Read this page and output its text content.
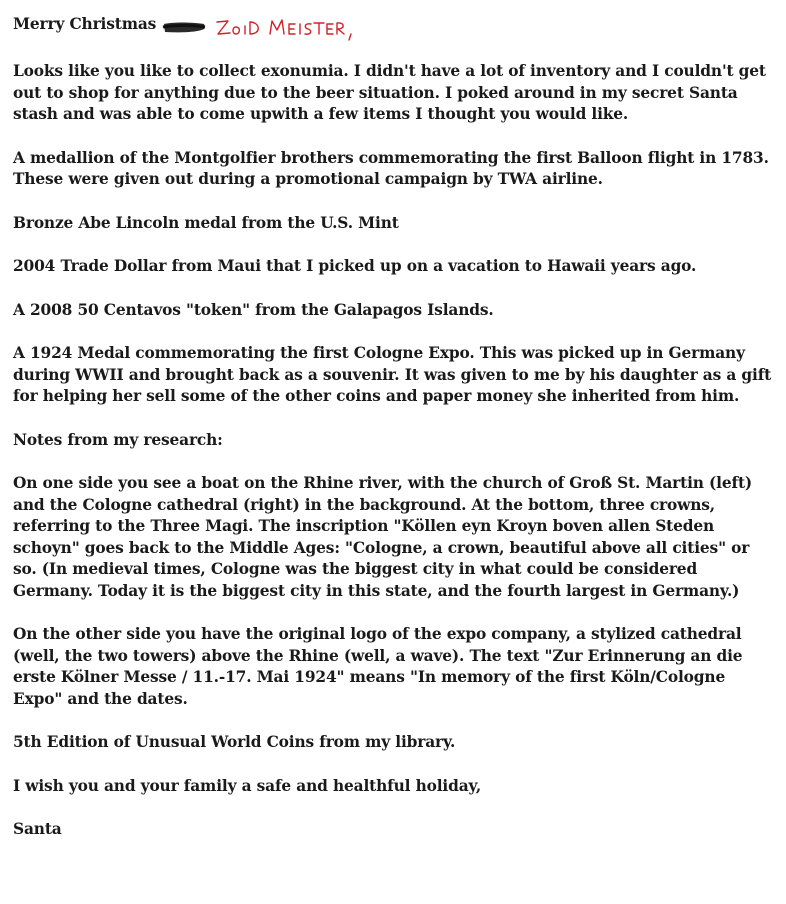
Merry Christmas

Looks like you like to collect exonumia. I didn't have a lot of inventory and I couldn't get out to shop for anything due to the beer situation. I poked around in my secret Santa stash and was able to come upwith a few items I thought you would like.

A medallion of the Montgolfier brothers commemorating the first Balloon flight in 1783. These were given out during a promotional campaign by TWA airline.

Bronze Abe Lincoln medal from the U.S. Mint

2004 Trade Dollar from Maui that I picked up on a vacation to Hawaii years ago.

A 2008 50 Centavos "token" from the Galapagos Islands.

A 1924 Medal commemorating the first Cologne Expo. This was picked up in Germany during WWII and brought back as a souvenir. It was given to me by his daughter as a gift for helping her sell some of the other coins and paper money she inherited from him.

Notes from my research:

On one side you see a boat on the Rhine river, with the church of Groß St. Martin (left) and the Cologne cathedral (right) in the background. At the bottom, three crowns, referring to the Three Magi. The inscription "Köllen eyn Kroyn boven allen Steden schoyn" goes back to the Middle Ages: "Cologne, a crown, beautiful above all cities" or so. (In medieval times, Cologne was the biggest city in what could be considered Germany. Today it is the biggest city in this state, and the fourth largest in Germany.)

On the other side you have the original logo of the expo company, a stylized cathedral (well, the two towers) above the Rhine (well, a wave). The text "Zur Erinnerung an die erste Kölner Messe / 11.-17. Mai 1924" means "In memory of the first Köln/Cologne Expo" and the dates.

5th Edition of Unusual World Coins from my library.

I wish you and your family a safe and healthful holiday,

Santa
